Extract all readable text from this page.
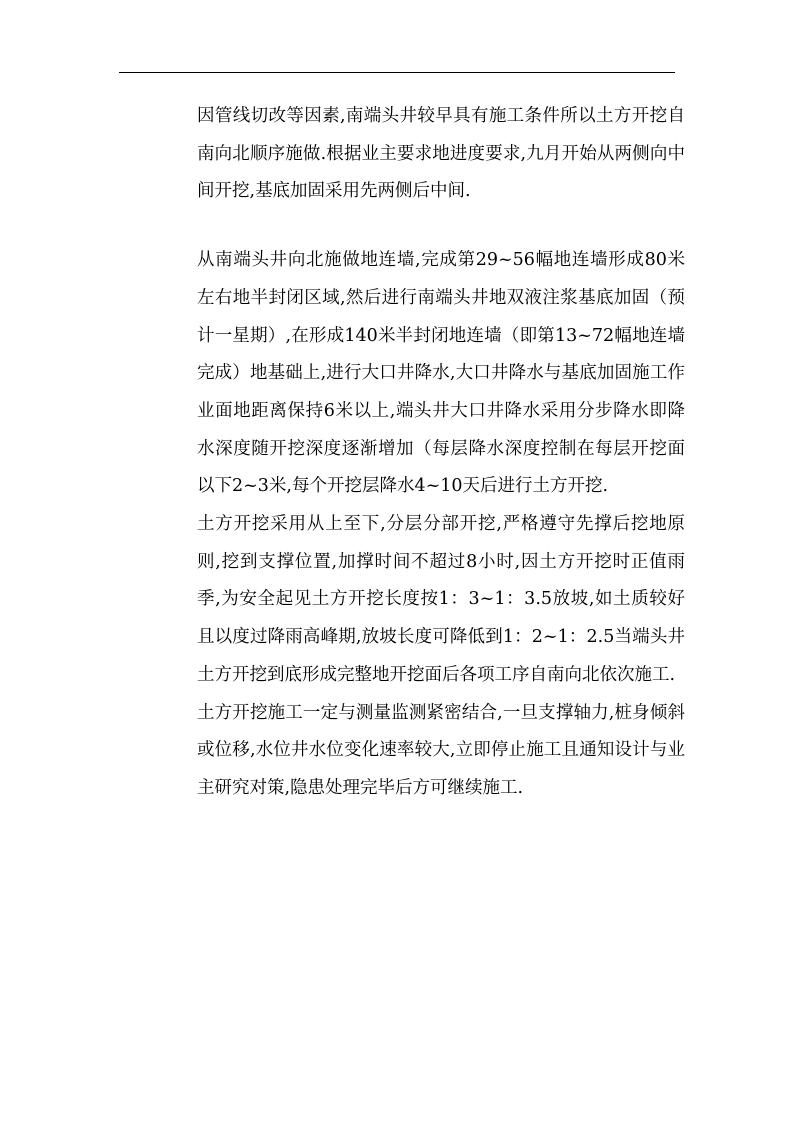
因管线切改等因素,南端头井较早具有施工条件所以土方开挖自南向北顺序施做.根据业主要求地进度要求,九月开始从两侧向中间开挖,基底加固采用先两侧后中间.

从南端头井向北施做地连墙,完成第29~56幅地连墙形成80米左右地半封闭区域,然后进行南端头井地双液注浆基底加固（预计一星期）,在形成140米半封闭地连墙（即第13~72幅地连墙完成）地基础上,进行大口井降水,大口井降水与基底加固施工作业面地距离保持6米以上,端头井大口井降水采用分步降水即降水深度随开挖深度逐渐增加（每层降水深度控制在每层开挖面以下2~3米,每个开挖层降水4~10天后进行土方开挖.

土方开挖采用从上至下,分层分部开挖,严格遵守先撑后挖地原则,挖到支撑位置,加撑时间不超过8小时,因土方开挖时正值雨季,为安全起见土方开挖长度按1：3~1：3.5放坡,如土质较好且以度过降雨高峰期,放坡长度可降低到1：2~1：2.5当端头井土方开挖到底形成完整地开挖面后各项工序自南向北依次施工.

土方开挖施工一定与测量监测紧密结合,一旦支撑轴力,桩身倾斜或位移,水位井水位变化速率较大,立即停止施工且通知设计与业主研究对策,隐患处理完毕后方可继续施工.
